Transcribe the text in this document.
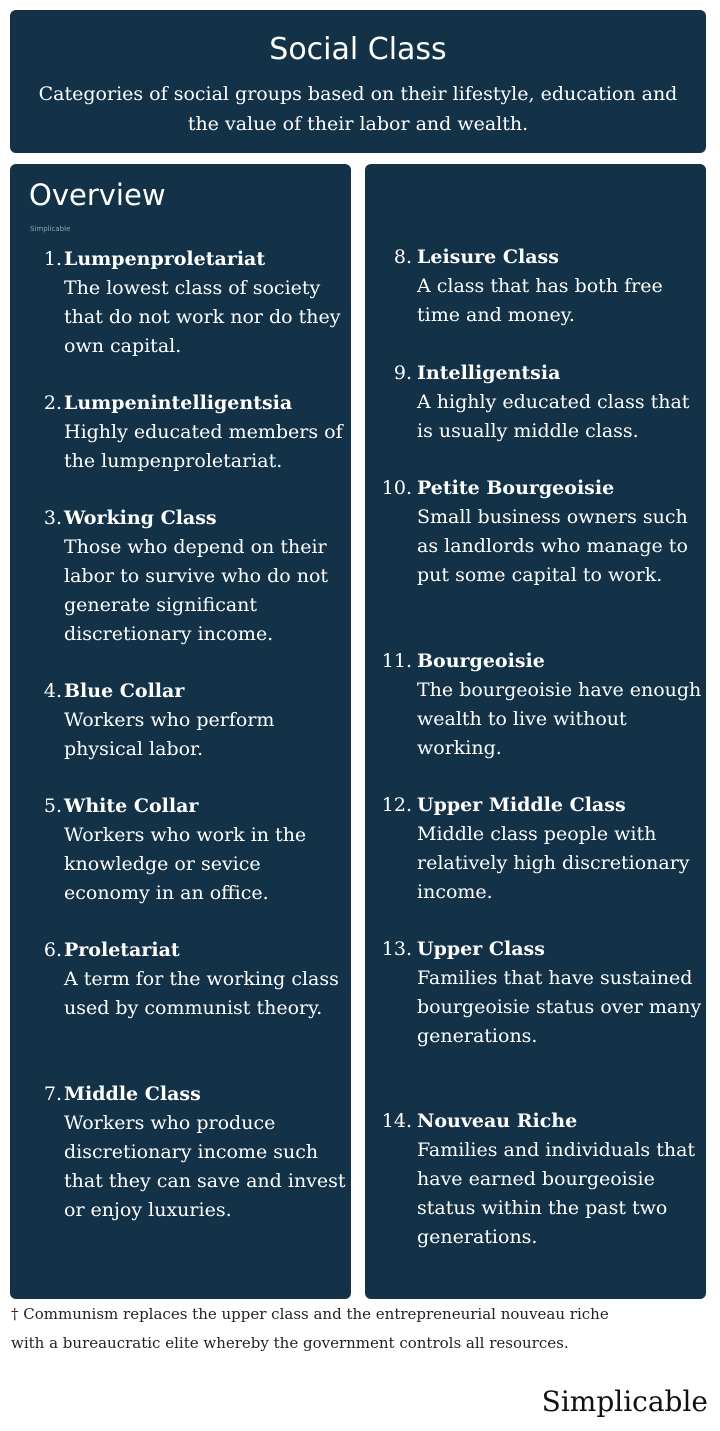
Social Class

Categories of social groups based on their lifestyle, education and the value of their labor and wealth.

Overview
Simplicable
1. Lumpenproletariat
The lowest class of society that do not work nor do they own capital.
2. Lumpenintelligentsia
Highly educated members of the lumpenproletariat.
3. Working Class
Those who depend on their labor to survive who do not generate significant discretionary income.
4. Blue Collar
Workers who perform physical labor.
5. White Collar
Workers who work in the knowledge or sevice economy in an office.
6. Proletariat
A term for the working class used by communist theory.
7. Middle Class
Workers who produce discretionary income such that they can save and invest or enjoy luxuries.
8. Leisure Class
A class that has both free time and money.
9. Intelligentsia
A highly educated class that is usually middle class.
10. Petite Bourgeoisie
Small business owners such as landlords who manage to put some capital to work.
11. Bourgeoisie
The bourgeoisie have enough wealth to live without working.
12. Upper Middle Class
Middle class people with relatively high discretionary income.
13. Upper Class
Families that have sustained bourgeoisie status over many generations.
14. Nouveau Riche
Families and individuals that have earned bourgeoisie status within the past two generations.
† Communism replaces the upper class and the entrepreneurial nouveau riche with a bureaucratic elite whereby the government controls all resources.
Simplicable
